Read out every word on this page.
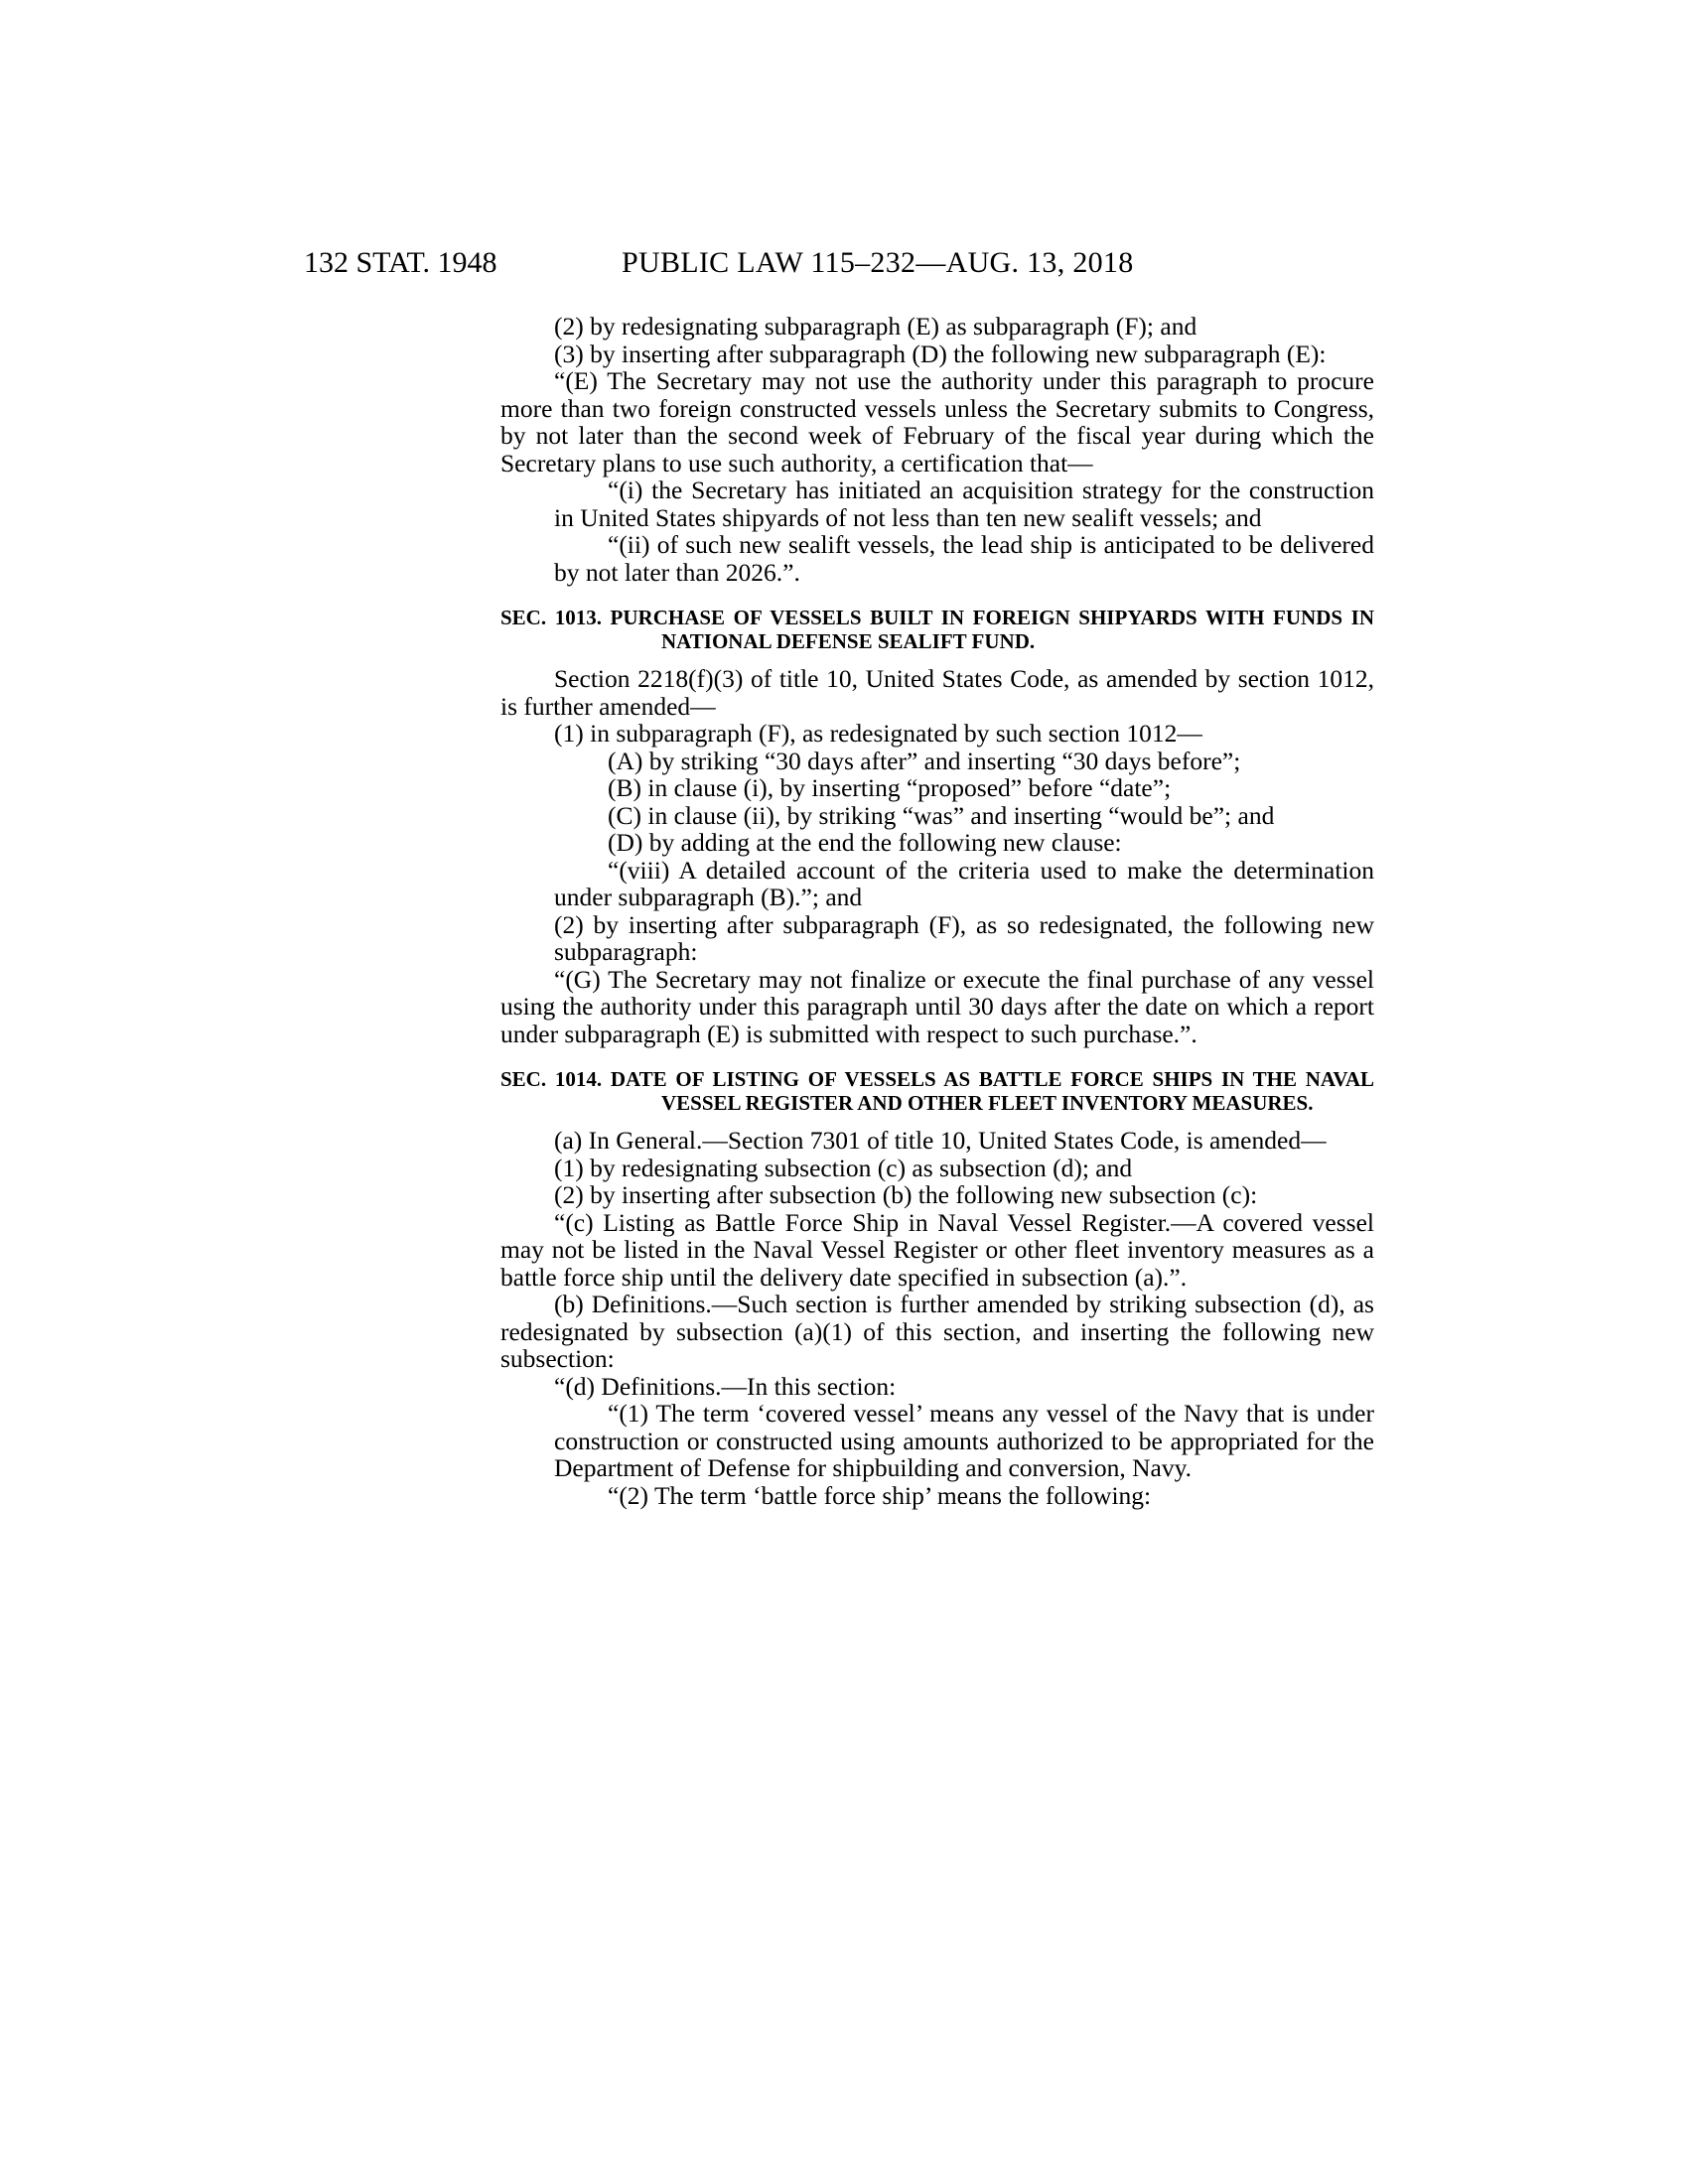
132 STAT. 1948	PUBLIC LAW 115–232—AUG. 13, 2018

(2) by redesignating subparagraph (E) as subparagraph (F); and

(3) by inserting after subparagraph (D) the following new subparagraph (E):

“(E) The Secretary may not use the authority under this paragraph to procure more than two foreign constructed vessels unless the Secretary submits to Congress, by not later than the second week of February of the fiscal year during which the Secretary plans to use such authority, a certification that—

“(i) the Secretary has initiated an acquisition strategy for the construction in United States shipyards of not less than ten new sealift vessels; and

“(ii) of such new sealift vessels, the lead ship is anticipated to be delivered by not later than 2026.”.

SEC. 1013. PURCHASE OF VESSELS BUILT IN FOREIGN SHIPYARDS WITH FUNDS IN NATIONAL DEFENSE SEALIFT FUND.

Section 2218(f)(3) of title 10, United States Code, as amended by section 1012, is further amended—

(1) in subparagraph (F), as redesignated by such section 1012—

(A) by striking “30 days after” and inserting “30 days before”;

(B) in clause (i), by inserting “proposed” before “date”;

(C) in clause (ii), by striking “was” and inserting “would be”; and

(D) by adding at the end the following new clause:

“(viii) A detailed account of the criteria used to make the determination under subparagraph (B).”; and

(2) by inserting after subparagraph (F), as so redesignated, the following new subparagraph:

“(G) The Secretary may not finalize or execute the final purchase of any vessel using the authority under this paragraph until 30 days after the date on which a report under subparagraph (E) is submitted with respect to such purchase.”.

SEC. 1014. DATE OF LISTING OF VESSELS AS BATTLE FORCE SHIPS IN THE NAVAL VESSEL REGISTER AND OTHER FLEET INVENTORY MEASURES.

(a) In General.—Section 7301 of title 10, United States Code, is amended—

(1) by redesignating subsection (c) as subsection (d); and

(2) by inserting after subsection (b) the following new subsection (c):

“(c) Listing as Battle Force Ship in Naval Vessel Register.—A covered vessel may not be listed in the Naval Vessel Register or other fleet inventory measures as a battle force ship until the delivery date specified in subsection (a).”.

(b) Definitions.—Such section is further amended by striking subsection (d), as redesignated by subsection (a)(1) of this section, and inserting the following new subsection:

“(d) Definitions.—In this section:

“(1) The term ‘covered vessel’ means any vessel of the Navy that is under construction or constructed using amounts authorized to be appropriated for the Department of Defense for shipbuilding and conversion, Navy.

“(2) The term ‘battle force ship’ means the following:
